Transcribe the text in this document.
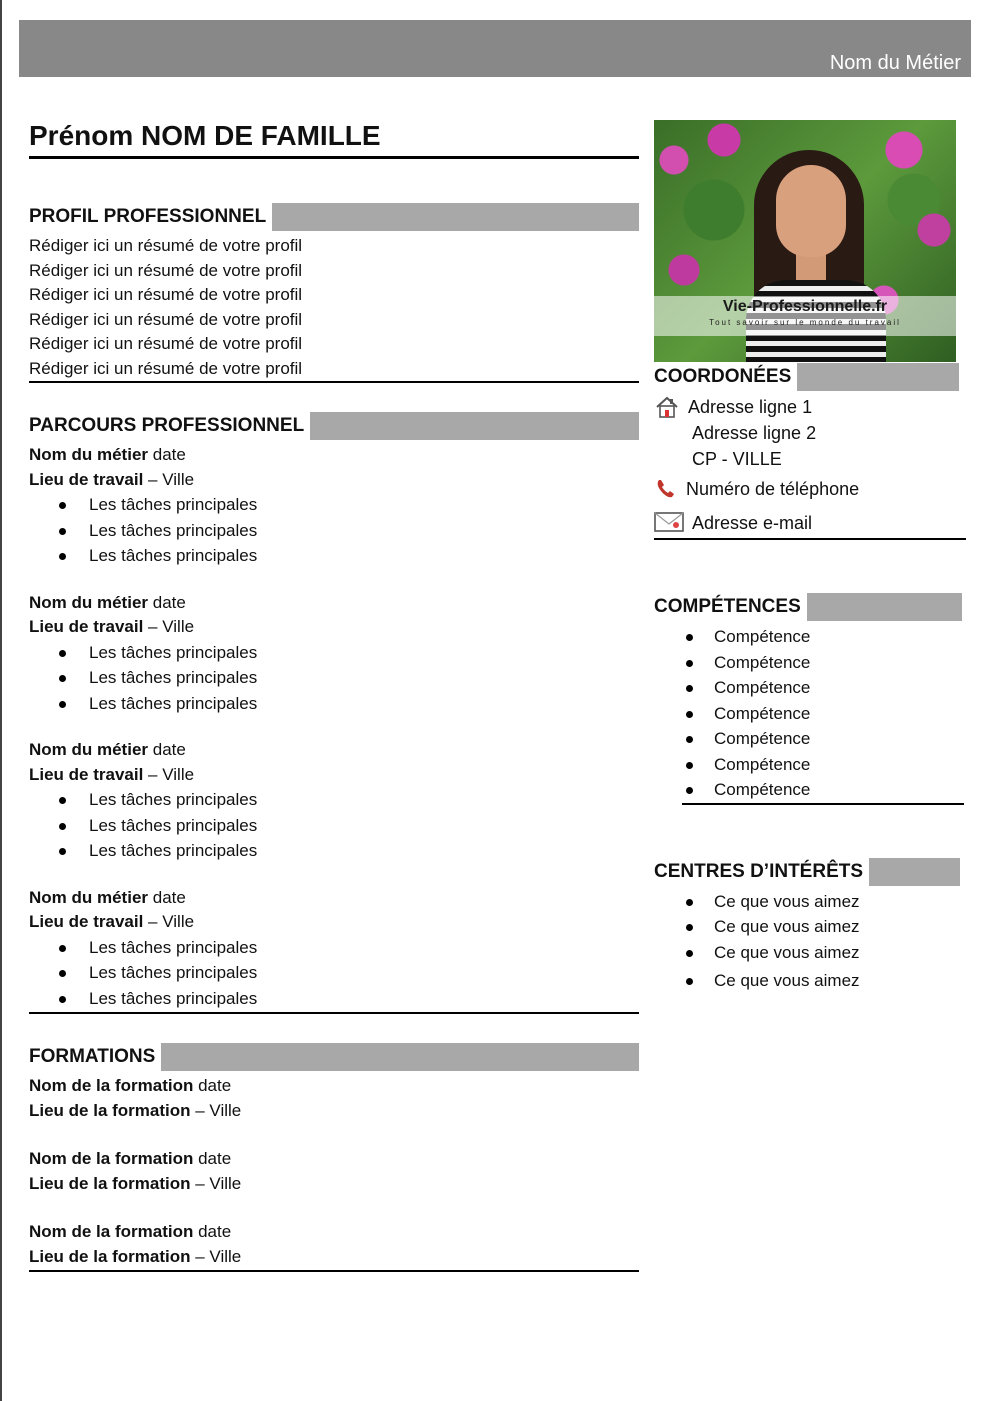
Nom du Métier
Prénom NOM DE FAMILLE
PROFIL PROFESSIONNEL
Rédiger ici un résumé de votre profil
Rédiger ici un résumé de votre profil
Rédiger ici un résumé de votre profil
Rédiger ici un résumé de votre profil
Rédiger ici un résumé de votre profil
Rédiger ici un résumé de votre profil
PARCOURS PROFESSIONNEL
Nom du métier date
Lieu de travail – Ville
Les tâches principales
Les tâches principales
Les tâches principales
Nom du métier date
Lieu de travail – Ville
Les tâches principales
Les tâches principales
Les tâches principales
Nom du métier date
Lieu de travail – Ville
Les tâches principales
Les tâches principales
Les tâches principales
Nom du métier date
Lieu de travail – Ville
Les tâches principales
Les tâches principales
Les tâches principales
FORMATIONS
Nom de la formation date
Lieu de la formation – Ville
Nom de la formation date
Lieu de la formation – Ville
Nom de la formation date
Lieu de la formation – Ville
Vie-Professionnelle.fr
Tout savoir sur le monde du travail
COORDONÉES
Adresse ligne 1
Adresse ligne 2
CP - VILLE
Numéro de téléphone
Adresse e-mail
COMPÉTENCES
Compétence
Compétence
Compétence
Compétence
Compétence
Compétence
Compétence
CENTRES D’INTÉRÊTS
Ce que vous aimez
Ce que vous aimez
Ce que vous aimez
Ce que vous aimez
